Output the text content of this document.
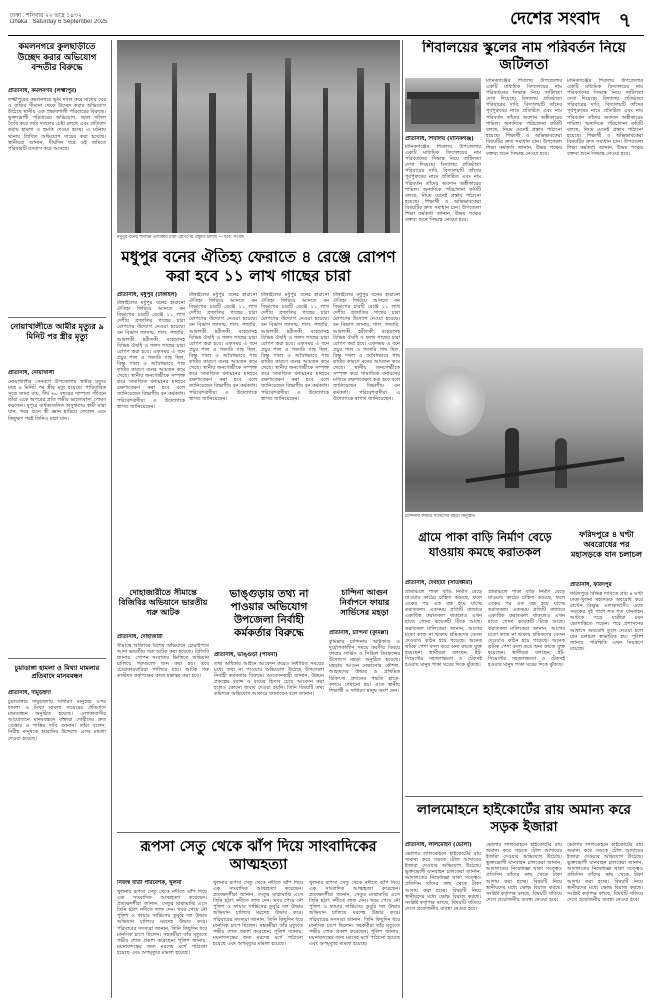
ঢাকা : শনিবার ২২ ভাদ্র ১৪৩২
Dhaka : Saturday 6 September 2025	দেশের সংবাদ ৭
কমলনগরে কুলছাড়ীতে উচ্ছেদ করার অভিযোগ বন্দতীর বিরুদ্ধে
প্রতিনিধি, কমলনগর (লক্ষ্মীপুর)
লক্ষ্মীপুরের কমলনগরে ভূমি দখল করে মাছের ঘের ও বাড়ির সীমানা থেকে উচ্ছেদ করার অভিযোগ উঠেছে স্থানীয় এক প্রভাবশালী পরিবারের বিরুদ্ধে। ভুক্তভোগী পরিবারের অভিযোগ, জাল দলিল তৈরি করে জমি দখলের চেষ্টা চলছে এবং প্রতিবাদ করায় হামলা ও হুমকি দেওয়া হচ্ছে। এ ঘটনায় থানায় লিখিত অভিযোগ দায়ের করা হয়েছে। স্থানীয়রা জানান, দীর্ঘদিন ধরে ওই জমিতে পরিবারটি বসবাস করে আসছে।
নোয়াখালীতে আমীর মৃত্যুর ৯ মিনিট পর স্ত্রীর মৃত্যু
প্রতিনিধি, নোয়াখালী
নোয়াখালীর সেনবাগ উপজেলায় স্বামীর মৃত্যুর মাত্র ৯ মিনিট পর স্ত্রীর মৃত্যু হয়েছে। পারিবারিক সূত্রে জানা যায়, দীর্ঘ ৬০ বছরের দাম্পত্য জীবনে তাঁরা একে অপরের প্রতি গভীর ভালোবাসা পোষণ করতেন। দুপুরে বার্ধক্যজনিত অসুস্থতায় স্বামী মারা যান, খবর শুনে স্ত্রী জ্ঞান হারিয়ে ফেলেন এবং কিছুক্ষণ পরই তিনিও মারা যান।
চুয়াডাঙ্গা হামলা ও মিথ্যা মামলার প্রতিবাদে মানববন্ধন
প্রতিনিধি, দামুড়হুদা
চুয়াডাঙ্গার দামুড়হুদায় সাধারণ মানুষের ওপর হামলা ও মিথ্যা মামলা দায়েরের প্রতিবাদে মানববন্ধন অনুষ্ঠিত হয়েছে। এলাকাবাসীর আয়োজনে মানববন্ধনে বক্তারা দোষীদের দ্রুত গ্রেপ্তার ও শাস্তির দাবি জানান। তাঁরা বলেন, নিরীহ মানুষকে হয়রানির উদ্দেশ্যে এসব মামলা দেওয়া হয়েছে।
মধুপুর বনের শালবন এলাকায় চারা রোপণের প্রস্তুতি চলছে — ছবি: সংবাদ
শিবালয়ের স্কুলের নাম পরিবর্তন নিয়ে জটিলতা
প্রতিনিধি, শিবালয় (মানিকগঞ্জ)
মানিকগঞ্জের শিবালয় উপজেলার একটি মাধ্যমিক বিদ্যালয়ের নাম পরিবর্তনের সিদ্ধান্ত নিয়ে জটিলতা দেখা দিয়েছে। বিদ্যালয় প্রতিষ্ঠাতা পরিবারের দাবি, বিদ্যালয়টি তাঁদের পূর্বপুরুষের নামে প্রতিষ্ঠিত এবং নাম পরিবর্তন তাঁদের অবদান অস্বীকারের শামিল। অন্যদিকে পরিচালনা কমিটি বলছে, নিয়ম মেনেই প্রস্তাব পাঠানো হয়েছে। শিক্ষার্থী ও অভিভাবকেরা বিষয়টির দ্রুত সমাধান চান। উপজেলা শিক্ষা কর্মকর্তা জানান, উভয় পক্ষের বক্তব্য শুনে সিদ্ধান্ত নেওয়া হবে।
মানিকগঞ্জের শিবালয় উপজেলার একটি মাধ্যমিক বিদ্যালয়ের নাম পরিবর্তনের সিদ্ধান্ত নিয়ে জটিলতা দেখা দিয়েছে। বিদ্যালয় প্রতিষ্ঠাতা পরিবারের দাবি, বিদ্যালয়টি তাঁদের পূর্বপুরুষের নামে প্রতিষ্ঠিত এবং নাম পরিবর্তন তাঁদের অবদান অস্বীকারের শামিল। অন্যদিকে পরিচালনা কমিটি বলছে, নিয়ম মেনেই প্রস্তাব পাঠানো হয়েছে। শিক্ষার্থী ও অভিভাবকেরা বিষয়টির দ্রুত সমাধান চান। উপজেলা শিক্ষা কর্মকর্তা জানান, উভয় পক্ষের বক্তব্য শুনে সিদ্ধান্ত নেওয়া হবে।
মানিকগঞ্জের শিবালয় উপজেলার একটি মাধ্যমিক বিদ্যালয়ের নাম পরিবর্তনের সিদ্ধান্ত নিয়ে জটিলতা দেখা দিয়েছে। বিদ্যালয় প্রতিষ্ঠাতা পরিবারের দাবি, বিদ্যালয়টি তাঁদের পূর্বপুরুষের নামে প্রতিষ্ঠিত এবং নাম পরিবর্তন তাঁদের অবদান অস্বীকারের শামিল। অন্যদিকে পরিচালনা কমিটি বলছে, নিয়ম মেনেই প্রস্তাব পাঠানো হয়েছে। শিক্ষার্থী ও অভিভাবকেরা বিষয়টির দ্রুত সমাধান চান। উপজেলা শিক্ষা কর্মকর্তা জানান, উভয় পক্ষের বক্তব্য শুনে সিদ্ধান্ত নেওয়া হবে।
মধুপুর বনের ঐতিহ্য ফেরাতে ৪ রেঞ্জে রোপণ করা হবে ১১ লাখ গাছের চারা
প্রতিনিধি, মধুপুর (টাঙ্গাইল)
টাঙ্গাইলের মধুপুর বনের হারানো ঐতিহ্য ফিরিয়ে আনতে বন বিভাগের চারটি রেঞ্জে ১১ লাখ দেশীয় প্রজাতির গাছের চারা রোপণের উদ্যোগ নেওয়া হয়েছে। বন বিভাগ জানায়, শাল, গজারি, আমলকী, হরীতকী, বহেড়াসহ বিভিন্ন ঔষধি ও ফলদ গাছের চারা রোপণ করা হবে। একসময় এ বনে প্রচুর শাল ও গজারি গাছ ছিল, কিন্তু দখল ও অবৈধভাবে গাছ কাটার কারণে বনের আয়তন কমে গেছে। স্থানীয় জনগোষ্ঠীকে সম্পৃক্ত করে সামাজিক বনায়নের মাধ্যমে রক্ষণাবেক্ষণ করা হবে বলে জানিয়েছেন বিভাগীয় বন কর্মকর্তা। পরিবেশবাদীরা এ উদ্যোগকে স্বাগত জানিয়েছেন।
টাঙ্গাইলের মধুপুর বনের হারানো ঐতিহ্য ফিরিয়ে আনতে বন বিভাগের চারটি রেঞ্জে ১১ লাখ দেশীয় প্রজাতির গাছের চারা রোপণের উদ্যোগ নেওয়া হয়েছে। বন বিভাগ জানায়, শাল, গজারি, আমলকী, হরীতকী, বহেড়াসহ বিভিন্ন ঔষধি ও ফলদ গাছের চারা রোপণ করা হবে। একসময় এ বনে প্রচুর শাল ও গজারি গাছ ছিল, কিন্তু দখল ও অবৈধভাবে গাছ কাটার কারণে বনের আয়তন কমে গেছে। স্থানীয় জনগোষ্ঠীকে সম্পৃক্ত করে সামাজিক বনায়নের মাধ্যমে রক্ষণাবেক্ষণ করা হবে বলে জানিয়েছেন বিভাগীয় বন কর্মকর্তা। পরিবেশবাদীরা এ উদ্যোগকে স্বাগত জানিয়েছেন।
টাঙ্গাইলের মধুপুর বনের হারানো ঐতিহ্য ফিরিয়ে আনতে বন বিভাগের চারটি রেঞ্জে ১১ লাখ দেশীয় প্রজাতির গাছের চারা রোপণের উদ্যোগ নেওয়া হয়েছে। বন বিভাগ জানায়, শাল, গজারি, আমলকী, হরীতকী, বহেড়াসহ বিভিন্ন ঔষধি ও ফলদ গাছের চারা রোপণ করা হবে। একসময় এ বনে প্রচুর শাল ও গজারি গাছ ছিল, কিন্তু দখল ও অবৈধভাবে গাছ কাটার কারণে বনের আয়তন কমে গেছে। স্থানীয় জনগোষ্ঠীকে সম্পৃক্ত করে সামাজিক বনায়নের মাধ্যমে রক্ষণাবেক্ষণ করা হবে বলে জানিয়েছেন বিভাগীয় বন কর্মকর্তা। পরিবেশবাদীরা এ উদ্যোগকে স্বাগত জানিয়েছেন।
টাঙ্গাইলের মধুপুর বনের হারানো ঐতিহ্য ফিরিয়ে আনতে বন বিভাগের চারটি রেঞ্জে ১১ লাখ দেশীয় প্রজাতির গাছের চারা রোপণের উদ্যোগ নেওয়া হয়েছে। বন বিভাগ জানায়, শাল, গজারি, আমলকী, হরীতকী, বহেড়াসহ বিভিন্ন ঔষধি ও ফলদ গাছের চারা রোপণ করা হবে। একসময় এ বনে প্রচুর শাল ও গজারি গাছ ছিল, কিন্তু দখল ও অবৈধভাবে গাছ কাটার কারণে বনের আয়তন কমে গেছে। স্থানীয় জনগোষ্ঠীকে সম্পৃক্ত করে সামাজিক বনায়নের মাধ্যমে রক্ষণাবেক্ষণ করা হবে বলে জানিয়েছেন বিভাগীয় বন কর্মকর্তা। পরিবেশবাদীরা এ উদ্যোগকে স্বাগত জানিয়েছেন।
চান্দিনায় ফায়ার সার্ভিসের মহড়া অনুষ্ঠিত
চান্দিনা আগুন নির্বাপনে ফায়ার সার্ভিসের মহড়া
প্রতিনিধি, চান্দিনা (কুমিল্লা)
কুমিল্লার চান্দিনায় অগ্নিকাণ্ড ও দুর্যোগকালীন সময়ে করণীয় বিষয়ে ফায়ার সার্ভিস ও সিভিল ডিফেন্সের উদ্যোগে মহড়া অনুষ্ঠিত হয়েছে। মহড়ায় আগুন নেভানোর কৌশল, আহতদের উদ্ধার ও প্রাথমিক চিকিৎসা প্রদানের পদ্ধতি হাতে-কলমে দেখানো হয়। এতে স্থানীয় শিক্ষার্থী ও সাধারণ মানুষ অংশ নেন।
দোহাজারীতে সীমান্তে বিজিবির অভিযানে ভারতীয় গরু আটক
প্রতিনিধি, দোহাজারী
সীমান্তে বিজিবির বিশেষ অভিযানে চোরাইপথে আনা ভারতীয় গরু আটক করা হয়েছে। বিজিবি জানায়, গোপন সংবাদের ভিত্তিতে অভিযান চালিয়ে গরুগুলো জব্দ করা হয়। তবে চোরাকারবারিরা পালিয়ে যায়। আটক গরু কাস্টমস কর্তৃপক্ষের কাছে হস্তান্তর করা হবে।
ভাঙ্গুড়ায় তথ্য না পাওয়ার অভিযোগ উপজেলা নির্বাহী কর্মকর্তার বিরুদ্ধে
প্রতিনিধি, ভাঙ্গুড়া (পাবনা)
তথ্য অধিকার আইনে আবেদন করেও নির্ধারিত সময়ের মধ্যে তথ্য না পাওয়ার অভিযোগ উঠেছে উপজেলা নির্বাহী কর্মকর্তার বিরুদ্ধে। আবেদনকারী জানান, উন্নয়ন প্রকল্পের বরাদ্দ ও ব্যয়ের হিসাব চেয়ে আবেদন করা হলেও কোনো জবাব দেওয়া হয়নি। তিনি বিষয়টি তথ্য কমিশনে অভিযোগ আকারে জানাবেন বলে জানান।
রূপসা সেতু থেকে ঝাঁপ দিয়ে সাংবাদিকের আত্মহত্যা
নিজস্ব বার্তা পরিবেশক, খুলনা
খুলনার রূপসা সেতু থেকে নদীতে ঝাঁপ দিয়ে এক সাংবাদিক আত্মহত্যা করেছেন। প্রত্যক্ষদর্শীরা জানান, সেতুর মাঝামাঝি এসে তিনি হঠাৎ নদীতে লাফ দেন। খবর পেয়ে নৌ পুলিশ ও ফায়ার সার্ভিসের ডুবুরি দল উদ্ধার অভিযান চালিয়ে মরদেহ উদ্ধার করে। পরিবারের সদস্যরা জানান, তিনি কিছুদিন ধরে মানসিক চাপে ছিলেন। সহকর্মীরা তাঁর মৃত্যুতে গভীর শোক প্রকাশ করেছেন। পুলিশ জানায়, ময়নাতদন্তের জন্য মরদেহ মর্গে পাঠানো হয়েছে এবং অপমৃত্যুর মামলা হয়েছে।
খুলনার রূপসা সেতু থেকে নদীতে ঝাঁপ দিয়ে এক সাংবাদিক আত্মহত্যা করেছেন। প্রত্যক্ষদর্শীরা জানান, সেতুর মাঝামাঝি এসে তিনি হঠাৎ নদীতে লাফ দেন। খবর পেয়ে নৌ পুলিশ ও ফায়ার সার্ভিসের ডুবুরি দল উদ্ধার অভিযান চালিয়ে মরদেহ উদ্ধার করে। পরিবারের সদস্যরা জানান, তিনি কিছুদিন ধরে মানসিক চাপে ছিলেন। সহকর্মীরা তাঁর মৃত্যুতে গভীর শোক প্রকাশ করেছেন। পুলিশ জানায়, ময়নাতদন্তের জন্য মরদেহ মর্গে পাঠানো হয়েছে এবং অপমৃত্যুর মামলা হয়েছে।
খুলনার রূপসা সেতু থেকে নদীতে ঝাঁপ দিয়ে এক সাংবাদিক আত্মহত্যা করেছেন। প্রত্যক্ষদর্শীরা জানান, সেতুর মাঝামাঝি এসে তিনি হঠাৎ নদীতে লাফ দেন। খবর পেয়ে নৌ পুলিশ ও ফায়ার সার্ভিসের ডুবুরি দল উদ্ধার অভিযান চালিয়ে মরদেহ উদ্ধার করে। পরিবারের সদস্যরা জানান, তিনি কিছুদিন ধরে মানসিক চাপে ছিলেন। সহকর্মীরা তাঁর মৃত্যুতে গভীর শোক প্রকাশ করেছেন। পুলিশ জানায়, ময়নাতদন্তের জন্য মরদেহ মর্গে পাঠানো হয়েছে এবং অপমৃত্যুর মামলা হয়েছে।
গ্রামে পাকা বাড়ি নির্মাণ বেড়ে যাওয়ায় কমছে করাতকল
প্রতিনিধি, দেবহাটা (সাতক্ষীরা)
গ্রামাঞ্চলে পাকা বাড়ি নির্মাণ বেড়ে যাওয়ায় কাঠের চাহিদা কমেছে, ফলে একের পর এক বন্ধ হয়ে যাচ্ছে করাতকল। একসময় প্রতিটি বাজারে একাধিক করাতকল থাকলেও এখন হাতে গোনা কয়েকটি টিকে আছে। করাতকল মালিকেরা জানান, আগের মতো কাজ না থাকায় শ্রমিকদের বেতন দেওয়াও কঠিন হয়ে পড়েছে। অনেক শ্রমিক পেশা বদল করে অন্য কাজে যুক্ত হয়েছেন। স্থানীয়রা বলছেন, ইট-সিমেন্টের সহজলভ্যতা ও টেকসই হওয়ায় মানুষ পাকা ঘরের দিকে ঝুঁকছে।
গ্রামাঞ্চলে পাকা বাড়ি নির্মাণ বেড়ে যাওয়ায় কাঠের চাহিদা কমেছে, ফলে একের পর এক বন্ধ হয়ে যাচ্ছে করাতকল। একসময় প্রতিটি বাজারে একাধিক করাতকল থাকলেও এখন হাতে গোনা কয়েকটি টিকে আছে। করাতকল মালিকেরা জানান, আগের মতো কাজ না থাকায় শ্রমিকদের বেতন দেওয়াও কঠিন হয়ে পড়েছে। অনেক শ্রমিক পেশা বদল করে অন্য কাজে যুক্ত হয়েছেন। স্থানীয়রা বলছেন, ইট-সিমেন্টের সহজলভ্যতা ও টেকসই হওয়ায় মানুষ পাকা ঘরের দিকে ঝুঁকছে।
ফরিদপুরে ৪ ঘণ্টা অবরোধের পর মহাসড়কে যান চলাচল
প্রতিনিধি, ফরিদপুর
ফরিদপুরে বিভিন্ন দাবিতে প্রায় ৪ ঘণ্টা ঢাকা-খুলনা মহাসড়ক অবরোধ করে রাখেন বিক্ষুব্ধ এলাকাবাসী। এতে সড়কের দুই পাশে শত শত যানবাহন আটকে পড়ে যাত্রীরা চরম ভোগান্তিতে পড়েন। পরে প্রশাসনের আশ্বাসে অবরোধ তুলে নেওয়া হলে যান চলাচল স্বাভাবিক হয়। পুলিশ জানায়, পরিস্থিতি এখন নিয়ন্ত্রণে রয়েছে।
লালমোহনে হাইকোর্টের রায় অমান্য করে সড়ক ইজারা
প্রতিনিধি, লালমোহন (ভোলা)
ভোলার লালমোহনে হাইকোর্টের রায় অমান্য করে সড়কে টোল আদায়ের ইজারা দেওয়ার অভিযোগ উঠেছে। ভুক্তভোগী যানবাহন চালকেরা জানান, আদালতের নিষেধাজ্ঞা থাকা সত্ত্বেও প্রতিদিন তাঁদের কাছ থেকে টাকা আদায় করা হচ্ছে। বিষয়টি নিয়ে স্থানীয়দের মধ্যে ক্ষোভ বিরাজ করছে। সংশ্লিষ্ট কর্তৃপক্ষ বলছে, বিষয়টি খতিয়ে দেখে প্রয়োজনীয় ব্যবস্থা নেওয়া হবে।
ভোলার লালমোহনে হাইকোর্টের রায় অমান্য করে সড়কে টোল আদায়ের ইজারা দেওয়ার অভিযোগ উঠেছে। ভুক্তভোগী যানবাহন চালকেরা জানান, আদালতের নিষেধাজ্ঞা থাকা সত্ত্বেও প্রতিদিন তাঁদের কাছ থেকে টাকা আদায় করা হচ্ছে। বিষয়টি নিয়ে স্থানীয়দের মধ্যে ক্ষোভ বিরাজ করছে। সংশ্লিষ্ট কর্তৃপক্ষ বলছে, বিষয়টি খতিয়ে দেখে প্রয়োজনীয় ব্যবস্থা নেওয়া হবে।
ভোলার লালমোহনে হাইকোর্টের রায় অমান্য করে সড়কে টোল আদায়ের ইজারা দেওয়ার অভিযোগ উঠেছে। ভুক্তভোগী যানবাহন চালকেরা জানান, আদালতের নিষেধাজ্ঞা থাকা সত্ত্বেও প্রতিদিন তাঁদের কাছ থেকে টাকা আদায় করা হচ্ছে। বিষয়টি নিয়ে স্থানীয়দের মধ্যে ক্ষোভ বিরাজ করছে। সংশ্লিষ্ট কর্তৃপক্ষ বলছে, বিষয়টি খতিয়ে দেখে প্রয়োজনীয় ব্যবস্থা নেওয়া হবে।
